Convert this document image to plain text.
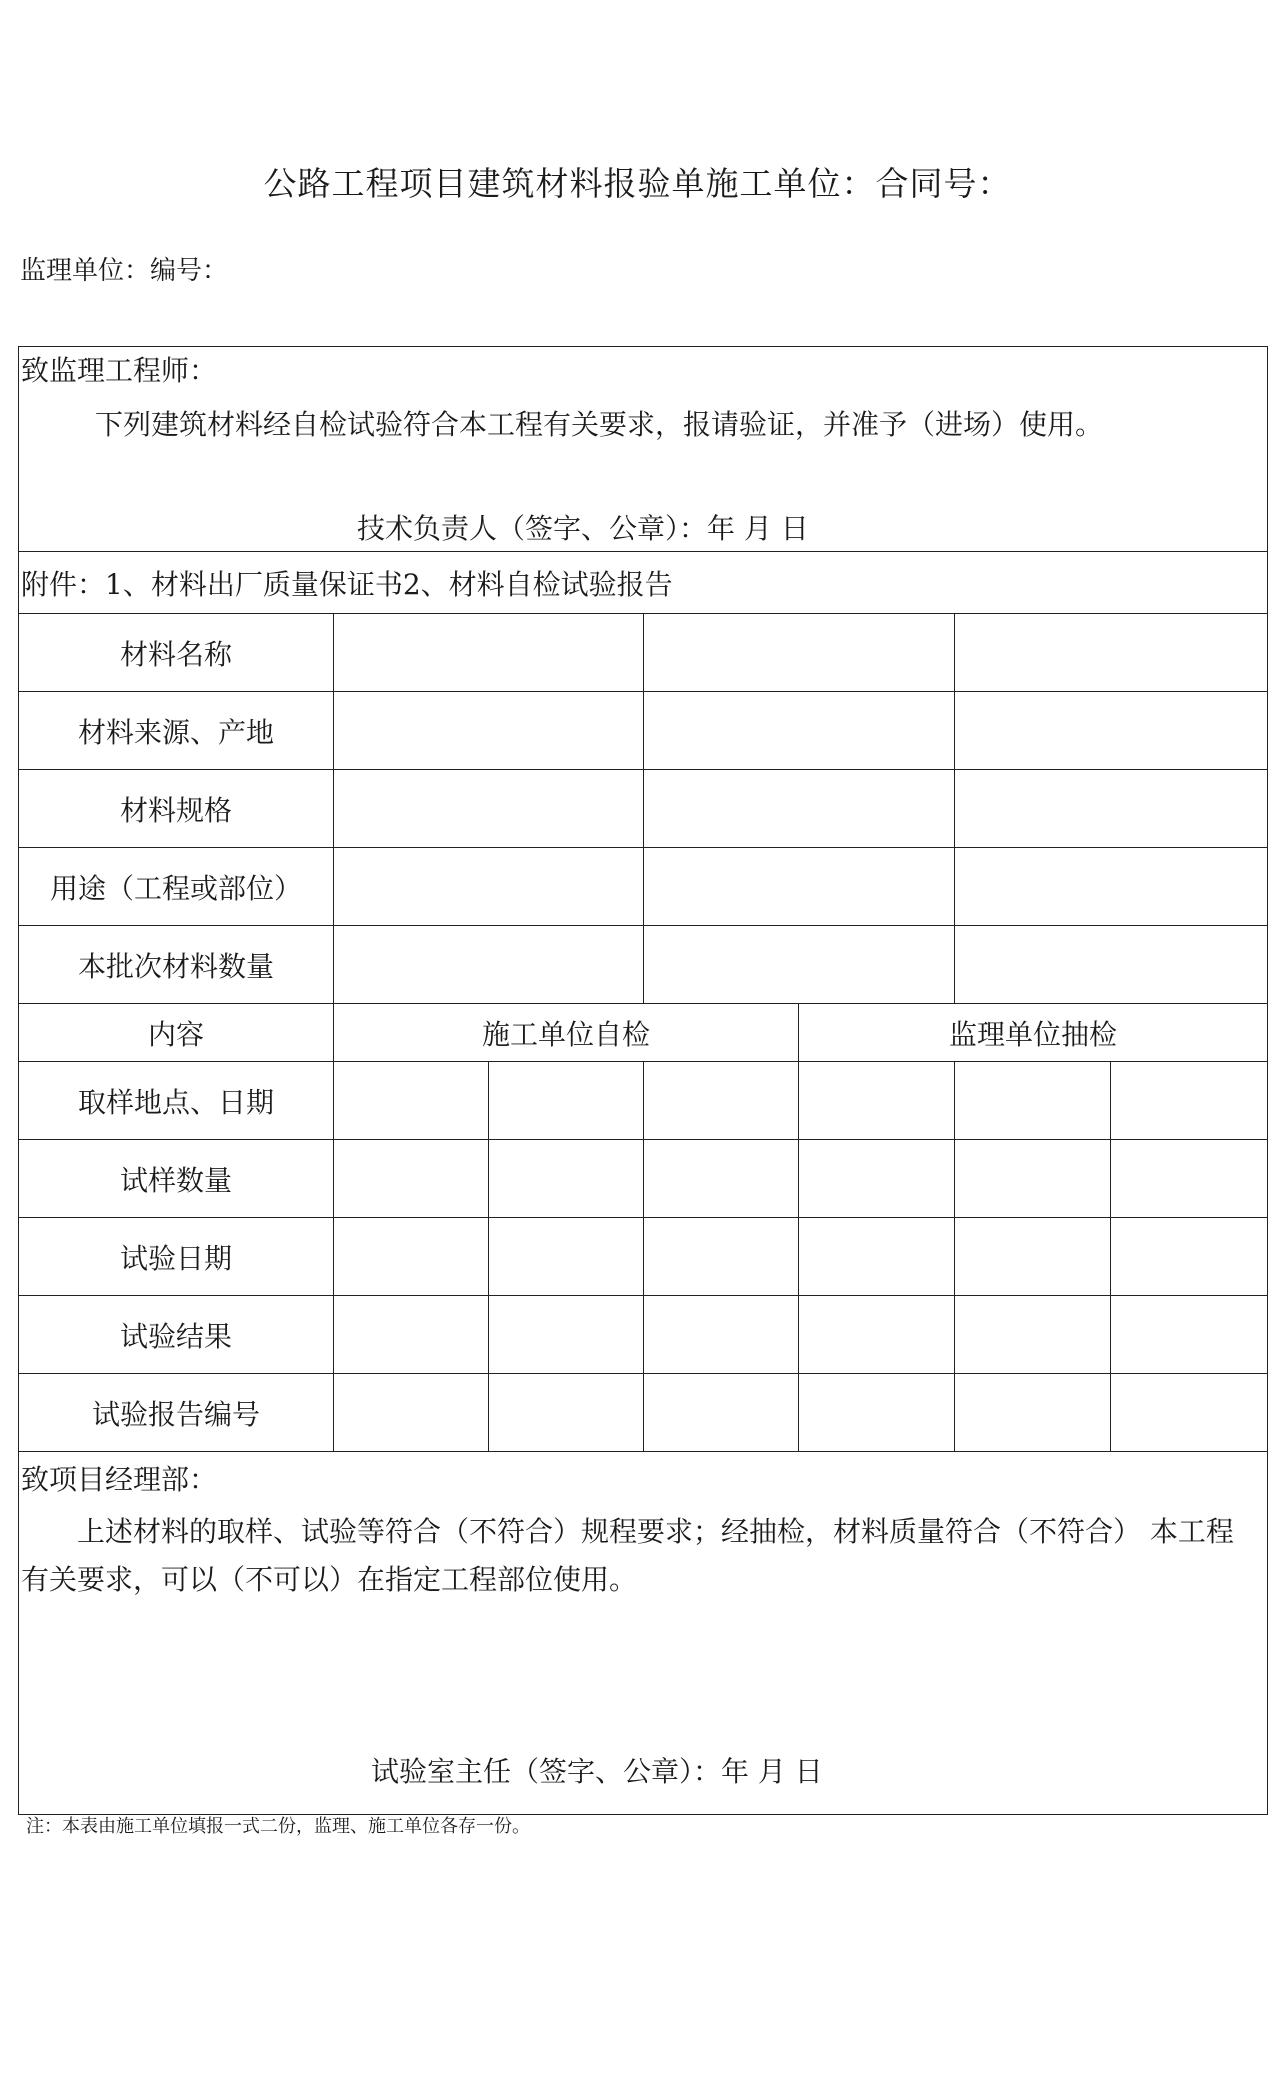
公路工程项目建筑材料报验单施工单位：合同号：
监理单位：编号：
致监理工程师：
下列建筑材料经自检试验符合本工程有关要求，报请验证，并准予（进场）使用。
技术负责人（签字、公章）：年 月 日						

附件：1、材料出厂质量保证书2、材料自检试验报告						
材料名称						
材料来源、产地						
材料规格						
用途（工程或部位）						
本批次材料数量						
内容	施工单位自检			监理单位抽检		
取样地点、日期						
试样数量						
试验日期						
试验结果						
试验报告编号						

致项目经理部：
上述材料的取样、试验等符合（不符合）规程要求；经抽检，材料质量符合（不符合） 本工程有关要求，可以（不可以）在指定工程部位使用。
试验室主任（签字、公章）：年 月 日						
注：本表由施工单位填报一式二份，监理、施工单位各存一份。
